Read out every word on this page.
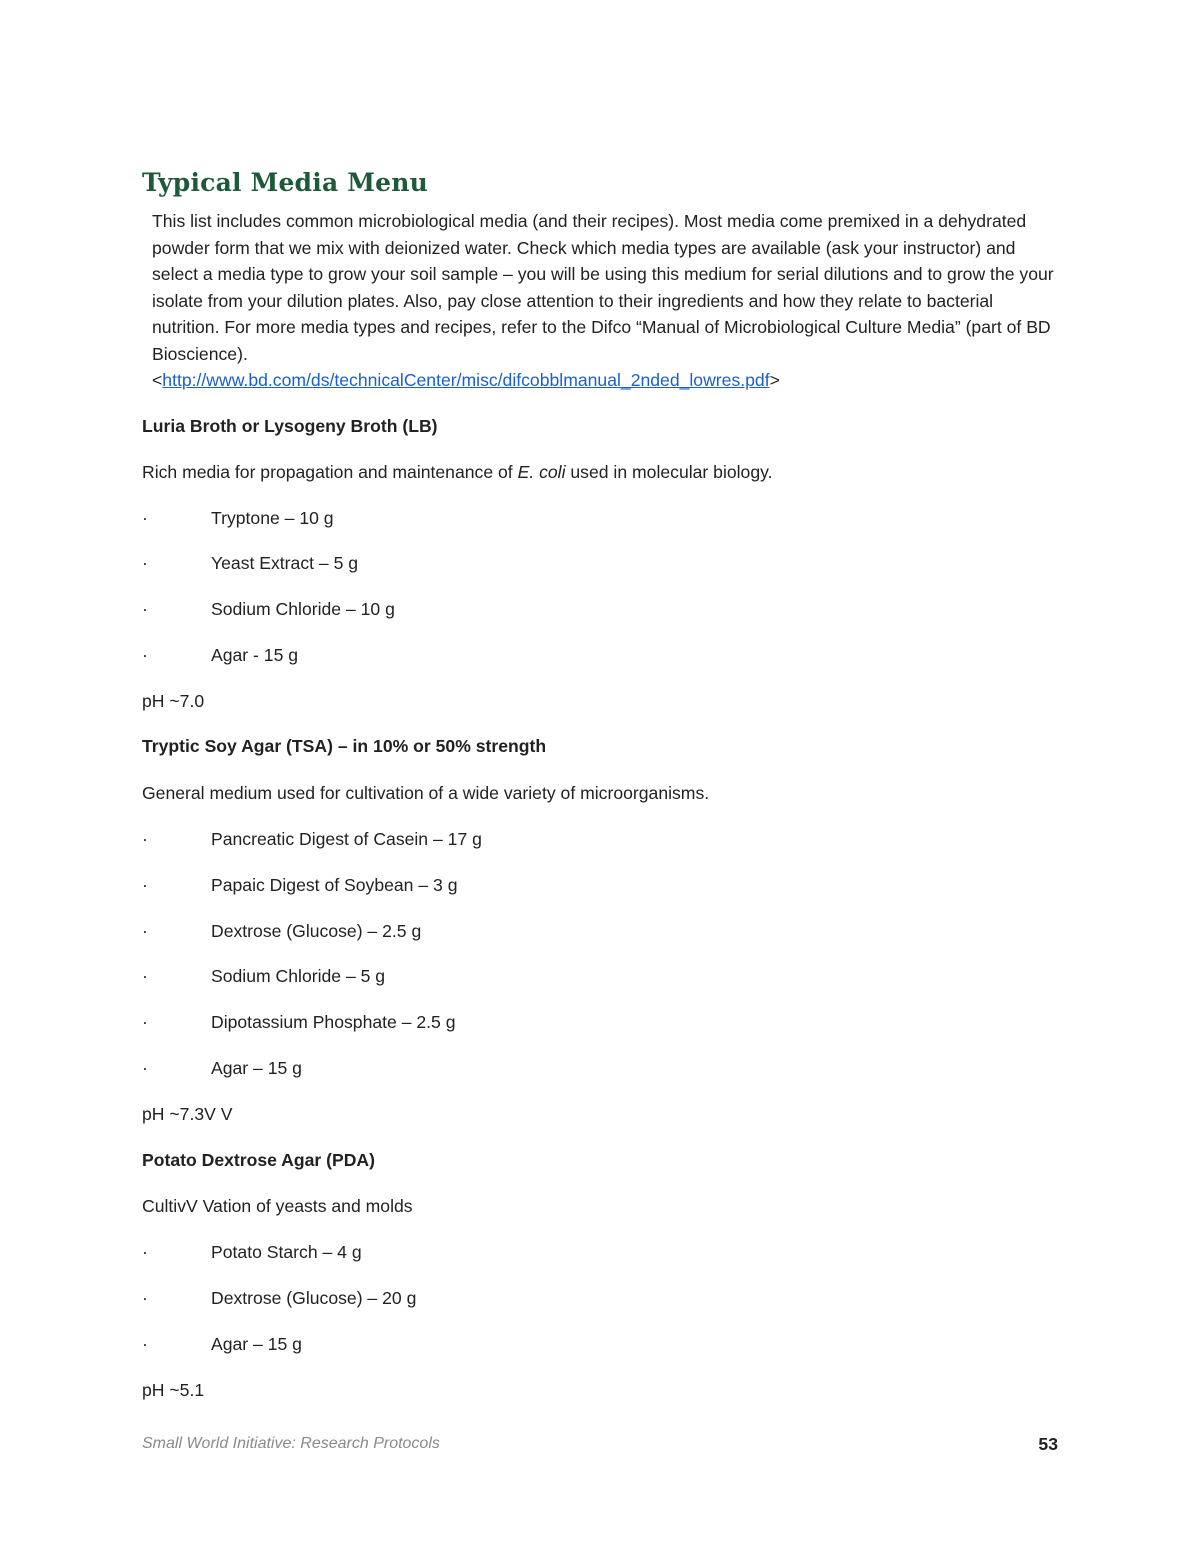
Typical Media Menu

This list includes common microbiological media (and their recipes). Most media come premixed in a dehydrated powder form that we mix with deionized water. Check which media types are available (ask your instructor) and select a media type to grow your soil sample – you will be using this medium for serial dilutions and to grow the your isolate from your dilution plates. Also, pay close attention to their ingredients and how they relate to bacterial nutrition. For more media types and recipes, refer to the Difco “Manual of Microbiological Culture Media” (part of BD Bioscience).
<http://www.bd.com/ds/technicalCenter/misc/difcobblmanual_2nded_lowres.pdf>

Luria Broth or Lysogeny Broth (LB)

Rich media for propagation and maintenance of E. coli used in molecular biology.

·	Tryptone – 10 g
·	Yeast Extract – 5 g
·	Sodium Chloride – 10 g
·	Agar - 15 g

pH ~7.0

Tryptic Soy Agar (TSA) – in 10% or 50% strength

General medium used for cultivation of a wide variety of microorganisms.

·	Pancreatic Digest of Casein – 17 g
·	Papaic Digest of Soybean – 3 g
·	Dextrose (Glucose) – 2.5 g
·	Sodium Chloride – 5 g
·	Dipotassium Phosphate – 2.5 g
·	Agar – 15 g

pH ~7.3V V

Potato Dextrose Agar (PDA)

CultivV Vation of yeasts and molds

·	Potato Starch – 4 g
·	Dextrose (Glucose) – 20 g
·	Agar – 15 g

pH ~5.1

Small World Initiative: Research Protocols	53
